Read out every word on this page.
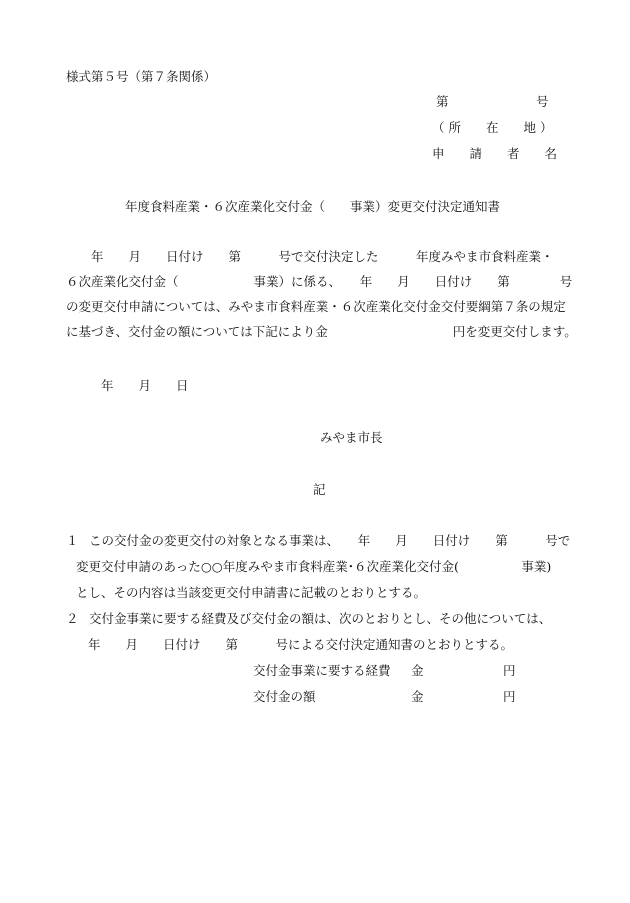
様式第５号（第７条関係）
第　　　　　　　号
（ 所　　在　　地 ）
申　　請　　者　　名
年度食料産業・６次産業化交付金（　　事業）変更交付決定通知書
　　年　　月　　日付け　　第　　　号で交付決定した　　　年度みやま市食料産業・
６次産業化交付金（　　　　　　事業）に係る、　　年　　月　　日付け　　第　　　　号
の変更交付申請については、みやま市食料産業・６次産業化交付金交付要綱第７条の規定
に基づき、交付金の額については下記により金　　　　　　　　　　円を変更交付します。
年　　月　　日
みやま市長
記
１ この交付金の変更交付の対象となる事業は、　　年　　月　　日付け　　第　　　号で
変更交付申請のあった○○年度みやま市食料産業･６次産業化交付金(　　　　　事業)
とし、その内容は当該変更交付申請書に記載のとおりとする。
２ 交付金事業に要する経費及び交付金の額は、次のとおりとし、その他については、
年　　月　　日付け　　第　　　号による交付決定通知書のとおりとする。
交付金事業に要する経費 金	円
交付金の額	金	円
